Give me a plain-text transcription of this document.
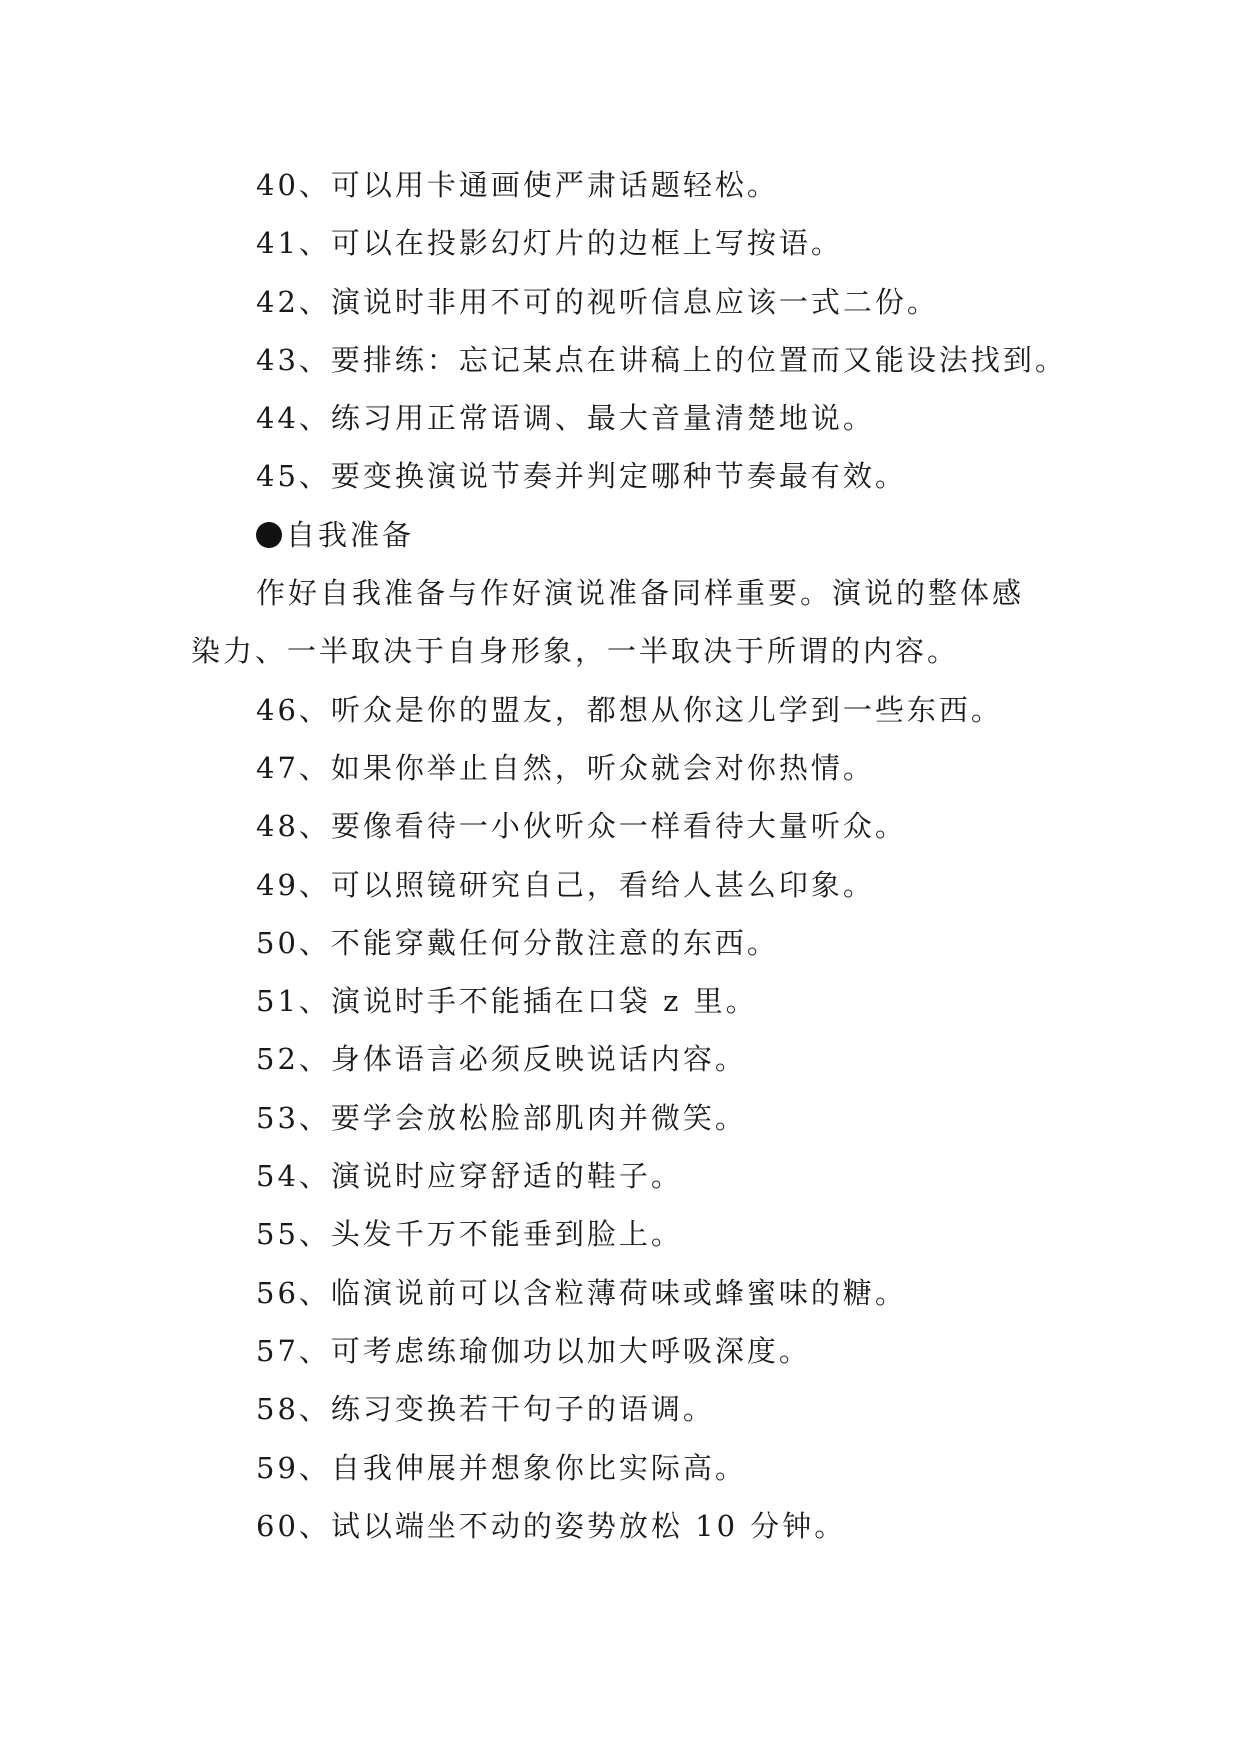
40、可以用卡通画使严肃话题轻松。
41、可以在投影幻灯片的边框上写按语。
42、演说时非用不可的视听信息应该一式二份。
43、要排练：忘记某点在讲稿上的位置而又能设法找到。
44、练习用正常语调、最大音量清楚地说。
45、要变换演说节奏并判定哪种节奏最有效。
自我准备
作好自我准备与作好演说准备同样重要。演说的整体感
染力、一半取决于自身形象，一半取决于所谓的内容。
46、听众是你的盟友，都想从你这儿学到一些东西。
47、如果你举止自然，听众就会对你热情。
48、要像看待一小伙听众一样看待大量听众。
49、可以照镜研究自己，看给人甚么印象。
50、不能穿戴任何分散注意的东西。
51、演说时手不能插在口袋 z 里。
52、身体语言必须反映说话内容。
53、要学会放松脸部肌肉并微笑。
54、演说时应穿舒适的鞋子。
55、头发千万不能垂到脸上。
56、临演说前可以含粒薄荷味或蜂蜜味的糖。
57、可考虑练瑜伽功以加大呼吸深度。
58、练习变换若干句子的语调。
59、自我伸展并想象你比实际高。
60、试以端坐不动的姿势放松 10 分钟。
